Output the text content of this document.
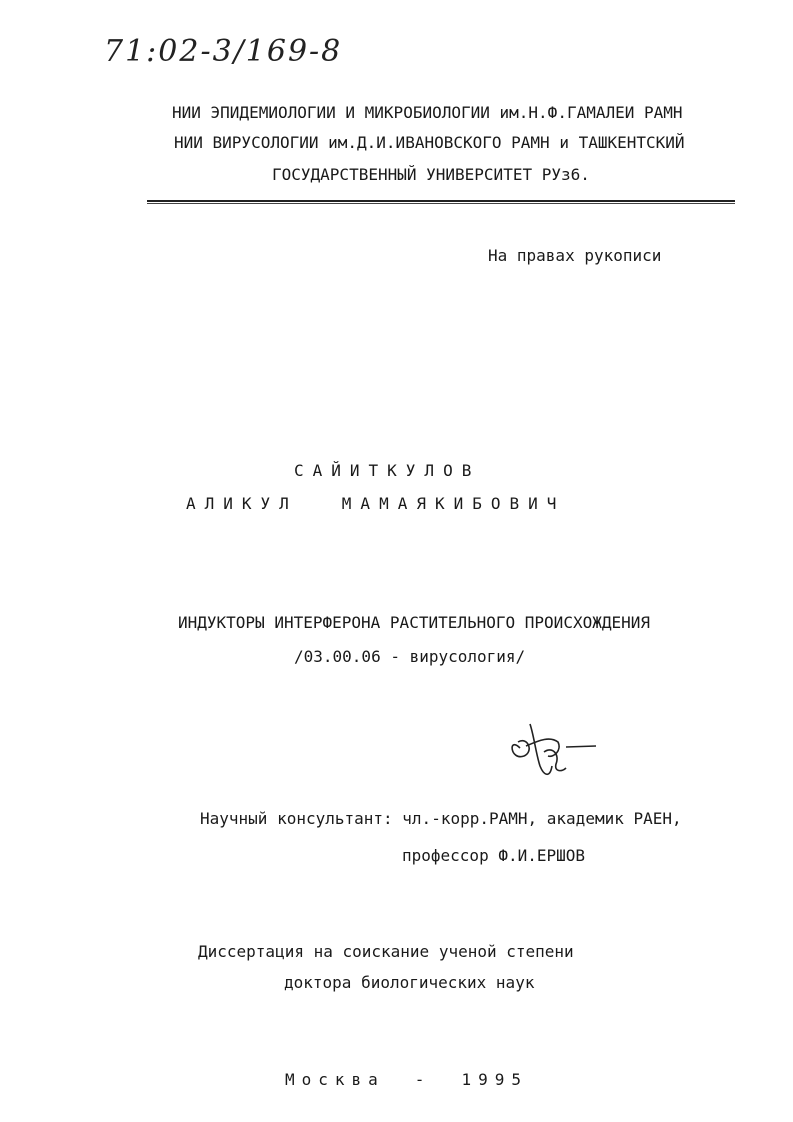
71:02-3/169-8
НИИ ЭПИДЕМИОЛОГИИ И МИКРОБИОЛОГИИ им.Н.Ф.ГАМАЛЕИ РАМН
НИИ ВИРУСОЛОГИИ им.Д.И.ИВАНОВСКОГО РАМН и ТАШКЕНТСКИЙ
ГОСУДАРСТВЕННЫЙ УНИВЕРСИТЕТ РУз6.
На правах рукописи
САЙИТКУЛОВ
АЛИКУЛ	МАМАЯКИБОВИЧ
ИНДУКТОРЫ ИНТЕРФЕРОНА РАСТИТЕЛЬНОГО ПРОИСХОЖДЕНИЯ
/03.00.06 - вирусология/
Научный консультант: чл.-корр.РАМН, академик РАЕН,
профессор Ф.И.ЕРШОВ
Диссертация на соискание ученой степени
доктора биологических наук
Москва - 1995
